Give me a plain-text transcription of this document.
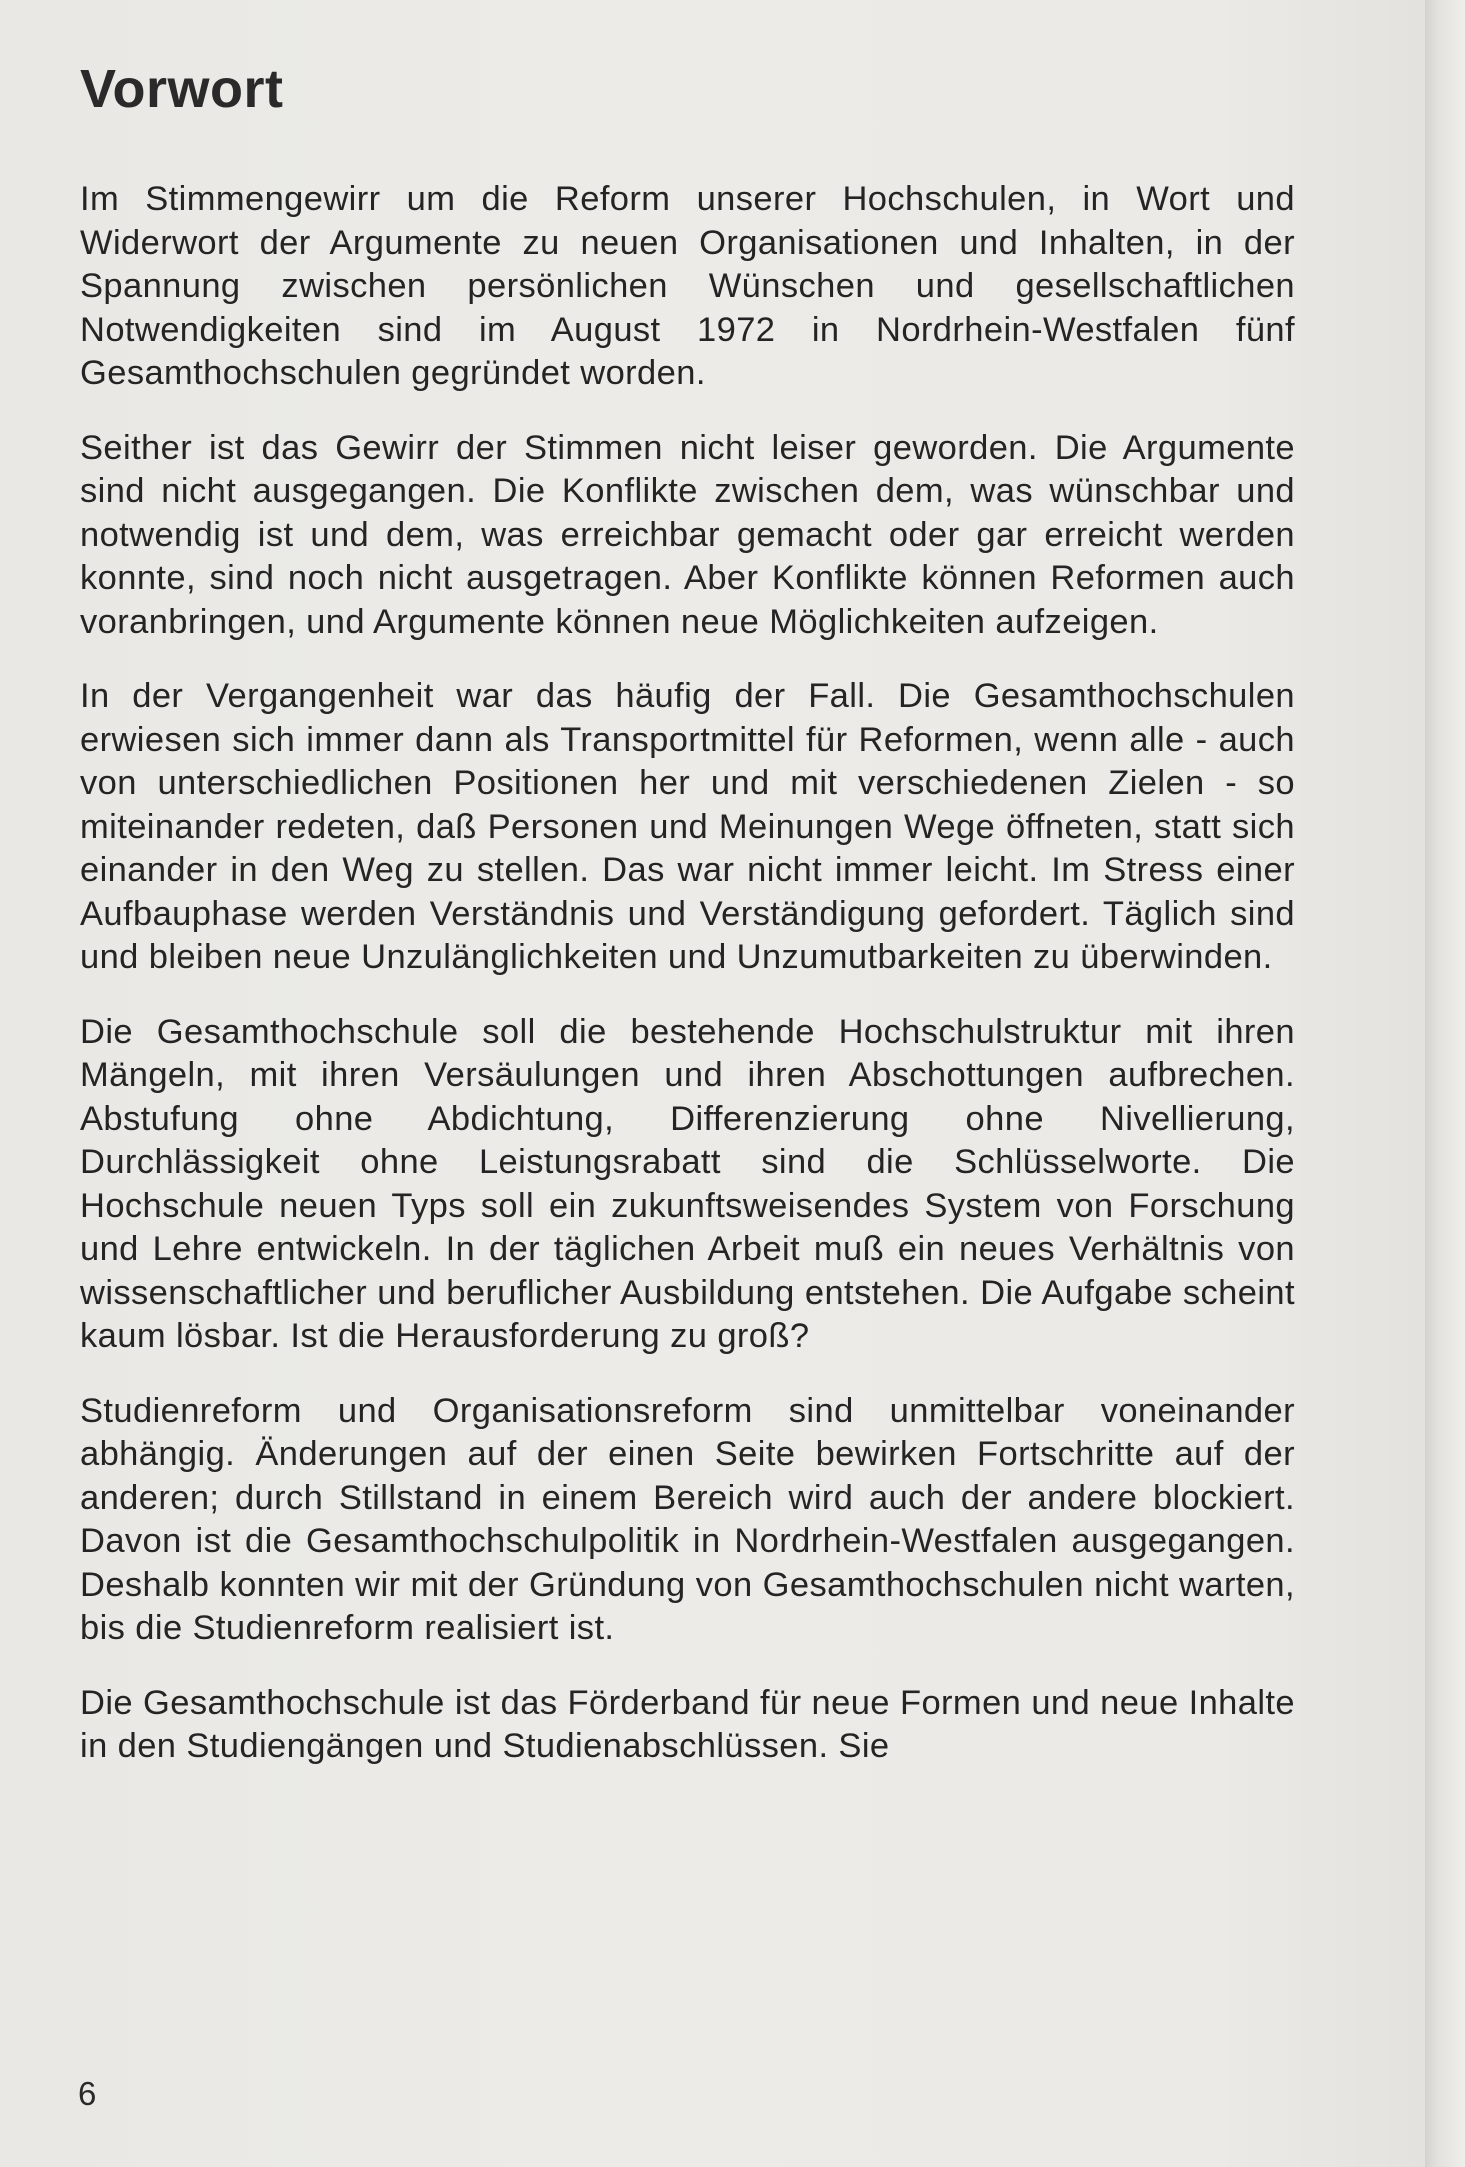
Vorwort

Im Stimmengewirr um die Reform unserer Hochschulen, in Wort und Widerwort der Argumente zu neuen Organisationen und Inhalten, in der Spannung zwischen persönlichen Wünschen und gesellschaftlichen Notwendigkeiten sind im August 1972 in Nordrhein-Westfalen fünf Gesamthochschulen gegründet worden.

Seither ist das Gewirr der Stimmen nicht leiser geworden. Die Argumente sind nicht ausgegangen. Die Konflikte zwischen dem, was wünschbar und notwendig ist und dem, was erreichbar gemacht oder gar erreicht werden konnte, sind noch nicht ausgetragen. Aber Konflikte können Reformen auch voranbringen, und Argumente können neue Möglichkeiten aufzeigen.

In der Vergangenheit war das häufig der Fall. Die Gesamthochschulen erwiesen sich immer dann als Transportmittel für Reformen, wenn alle - auch von unterschiedlichen Positionen her und mit verschiedenen Zielen - so miteinander redeten, daß Personen und Meinungen Wege öffneten, statt sich einander in den Weg zu stellen. Das war nicht immer leicht. Im Stress einer Aufbauphase werden Verständnis und Verständigung gefordert. Täglich sind und bleiben neue Unzulänglichkeiten und Unzumutbarkeiten zu überwinden.

Die Gesamthochschule soll die bestehende Hochschulstruktur mit ihren Mängeln, mit ihren Versäulungen und ihren Abschottungen aufbrechen. Abstufung ohne Abdichtung, Differenzierung ohne Nivellierung, Durchlässigkeit ohne Leistungsrabatt sind die Schlüsselworte. Die Hochschule neuen Typs soll ein zukunftsweisendes System von Forschung und Lehre entwickeln. In der täglichen Arbeit muß ein neues Verhältnis von wissenschaftlicher und beruflicher Ausbildung entstehen. Die Aufgabe scheint kaum lösbar. Ist die Herausforderung zu groß?

Studienreform und Organisationsreform sind unmittelbar voneinander abhängig. Änderungen auf der einen Seite bewirken Fortschritte auf der anderen; durch Stillstand in einem Bereich wird auch der andere blockiert. Davon ist die Gesamthochschulpolitik in Nordrhein-Westfalen ausgegangen. Deshalb konnten wir mit der Gründung von Gesamthochschulen nicht warten, bis die Studienreform realisiert ist.

Die Gesamthochschule ist das Förderband für neue Formen und neue Inhalte in den Studiengängen und Studienabschlüssen. Sie

6
